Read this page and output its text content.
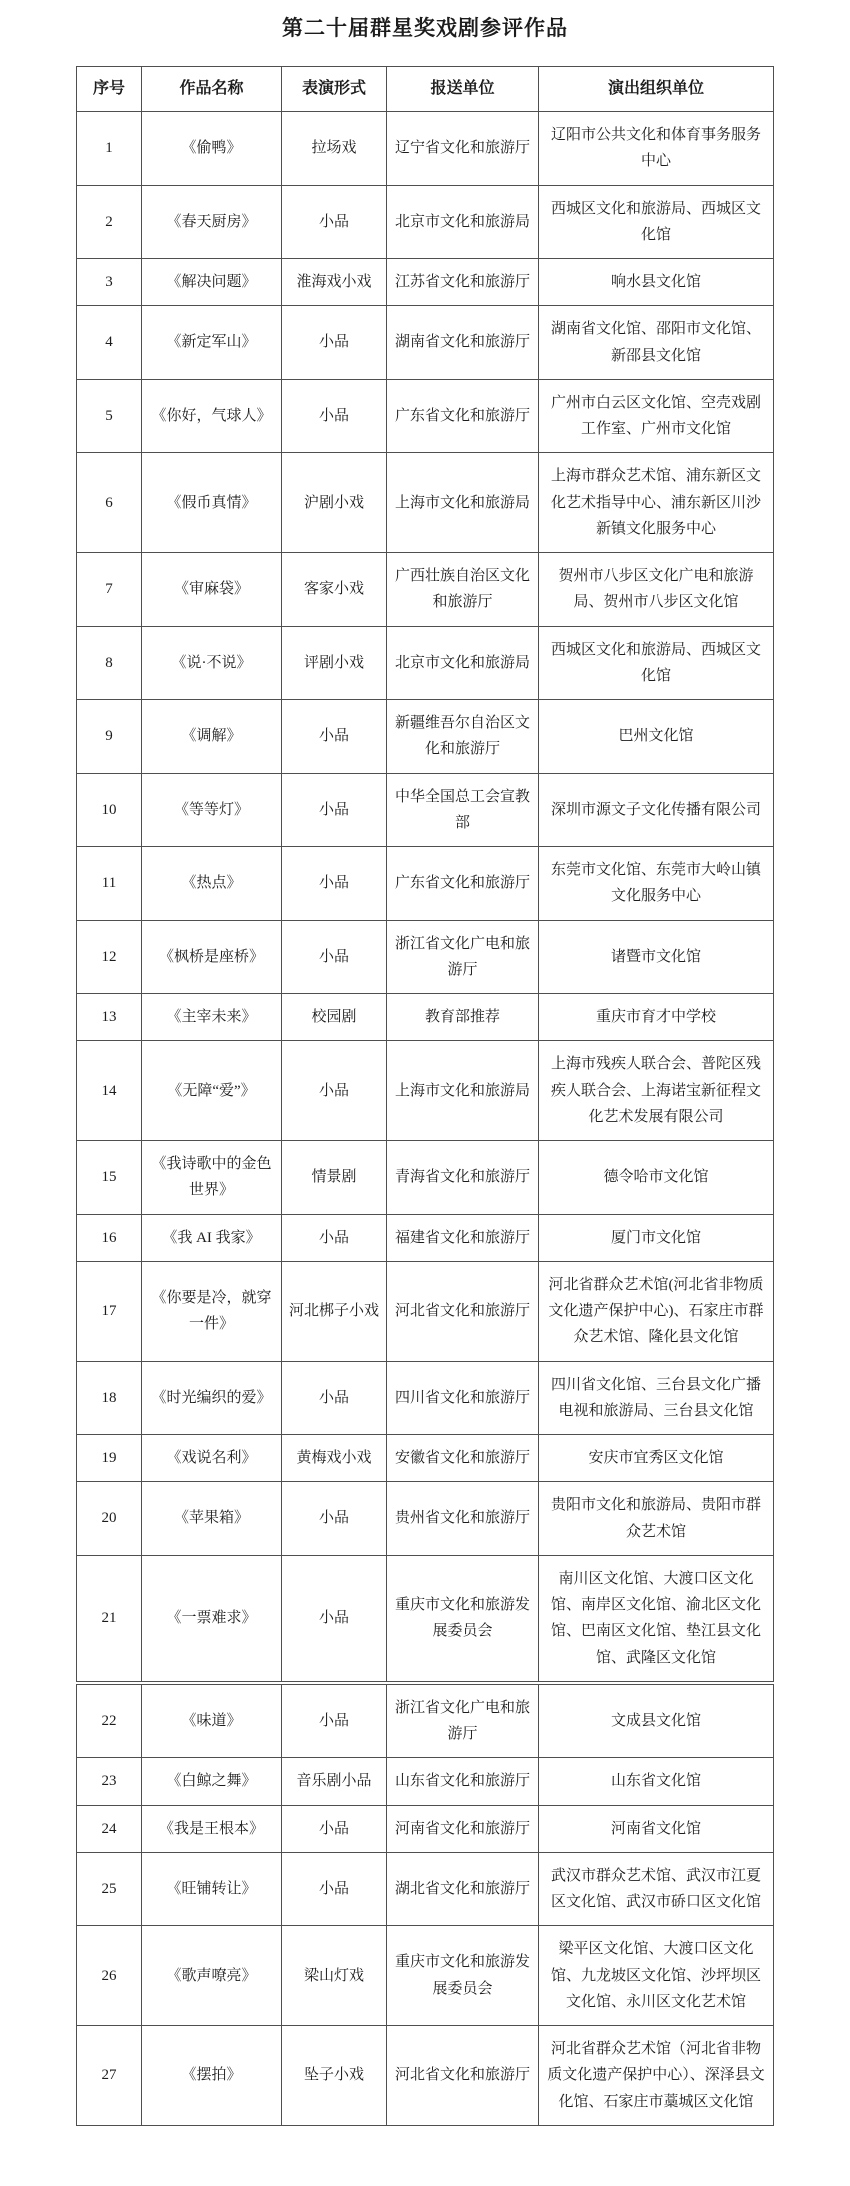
第二十届群星奖戏剧参评作品
序号	作品名称	表演形式	报送单位	演出组织单位
1	《偷鸭》	拉场戏	辽宁省文化和旅游厅	辽阳市公共文化和体育事务服务中心
2	《春天厨房》	小品	北京市文化和旅游局	西城区文化和旅游局、西城区文化馆
3	《解决问题》	淮海戏小戏	江苏省文化和旅游厅	响水县文化馆
4	《新定军山》	小品	湖南省文化和旅游厅	湖南省文化馆、邵阳市文化馆、新邵县文化馆
5	《你好，气球人》	小品	广东省文化和旅游厅	广州市白云区文化馆、空壳戏剧工作室、广州市文化馆
6	《假币真情》	沪剧小戏	上海市文化和旅游局	上海市群众艺术馆、浦东新区文化艺术指导中心、浦东新区川沙新镇文化服务中心
7	《审麻袋》	客家小戏	广西壮族自治区文化和旅游厅	贺州市八步区文化广电和旅游局、贺州市八步区文化馆
8	《说·不说》	评剧小戏	北京市文化和旅游局	西城区文化和旅游局、西城区文化馆
9	《调解》	小品	新疆维吾尔自治区文化和旅游厅	巴州文化馆
10	《等等灯》	小品	中华全国总工会宣教部	深圳市源文子文化传播有限公司
11	《热点》	小品	广东省文化和旅游厅	东莞市文化馆、东莞市大岭山镇文化服务中心
12	《枫桥是座桥》	小品	浙江省文化广电和旅游厅	诸暨市文化馆
13	《主宰未来》	校园剧	教育部推荐	重庆市育才中学校
14	《无障“爱”》	小品	上海市文化和旅游局	上海市残疾人联合会、普陀区残疾人联合会、上海诺宝新征程文化艺术发展有限公司
15	《我诗歌中的金色世界》	情景剧	青海省文化和旅游厅	德令哈市文化馆
16	《我 AI 我家》	小品	福建省文化和旅游厅	厦门市文化馆
17	《你要是冷，就穿一件》	河北梆子小戏	河北省文化和旅游厅	河北省群众艺术馆(河北省非物质文化遗产保护中心)、石家庄市群众艺术馆、隆化县文化馆
18	《时光编织的爱》	小品	四川省文化和旅游厅	四川省文化馆、三台县文化广播电视和旅游局、三台县文化馆
19	《戏说名利》	黄梅戏小戏	安徽省文化和旅游厅	安庆市宜秀区文化馆
20	《苹果箱》	小品	贵州省文化和旅游厅	贵阳市文化和旅游局、贵阳市群众艺术馆
21	《一票难求》	小品	重庆市文化和旅游发展委员会	南川区文化馆、大渡口区文化馆、南岸区文化馆、渝北区文化馆、巴南区文化馆、垫江县文化馆、武隆区文化馆
22	《味道》	小品	浙江省文化广电和旅游厅	文成县文化馆
23	《白鲸之舞》	音乐剧小品	山东省文化和旅游厅	山东省文化馆
24	《我是王根本》	小品	河南省文化和旅游厅	河南省文化馆
25	《旺铺转让》	小品	湖北省文化和旅游厅	武汉市群众艺术馆、武汉市江夏区文化馆、武汉市硚口区文化馆
26	《歌声嘹亮》	梁山灯戏	重庆市文化和旅游发展委员会	梁平区文化馆、大渡口区文化馆、九龙坡区文化馆、沙坪坝区文化馆、永川区文化艺术馆
27	《摆拍》	坠子小戏	河北省文化和旅游厅	河北省群众艺术馆（河北省非物质文化遗产保护中心）、深泽县文化馆、石家庄市藁城区文化馆
